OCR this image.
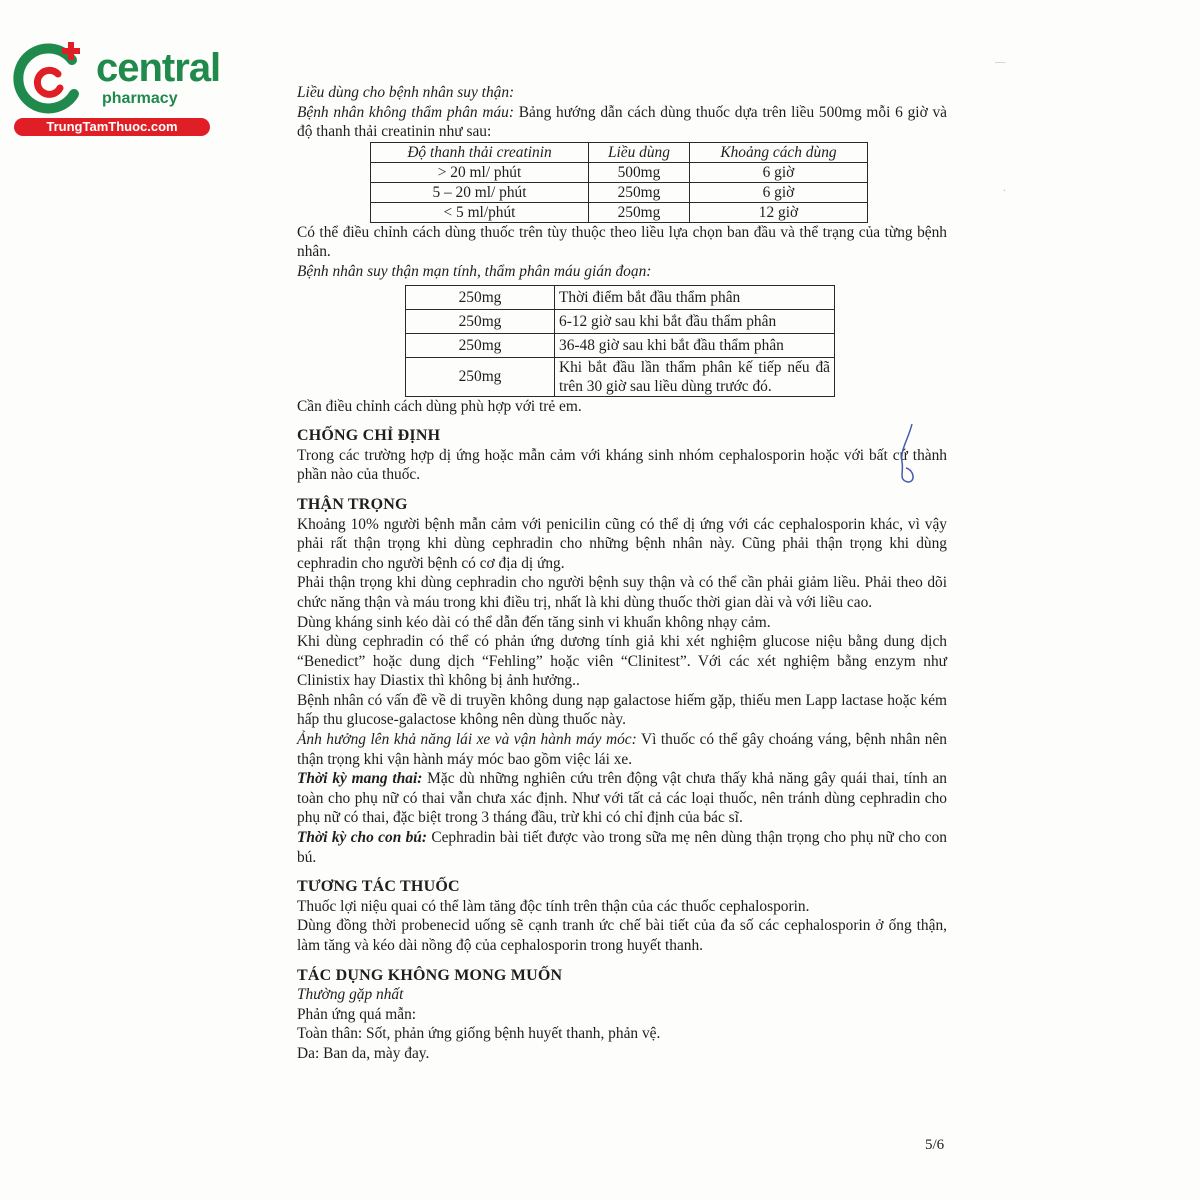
central
pharmacy
TrungTamThuoc.com
|
.

Liều dùng cho bệnh nhân suy thận:

Bệnh nhân không thẩm phân máu: Bảng hướng dẫn cách dùng thuốc dựa trên liều 500mg mỗi 6 giờ và độ thanh thải creatinin như sau:

Độ thanh thải creatinin	Liều dùng	Khoảng cách dùng
> 20 ml/ phút	500mg	6 giờ
5 – 20 ml/ phút	250mg	6 giờ
< 5 ml/phút	250mg	12 giờ

Có thể điều chỉnh cách dùng thuốc trên tùy thuộc theo liều lựa chọn ban đầu và thể trạng của từng bệnh nhân.

Bệnh nhân suy thận mạn tính, thẩm phân máu gián đoạn:

250mg	Thời điểm bắt đầu thẩm phân
250mg	6-12 giờ sau khi bắt đầu thẩm phân
250mg	36-48 giờ sau khi bắt đầu thẩm phân
250mg	Khi bắt đầu lần thẩm phân kế tiếp nếu đã trên 30 giờ sau liều dùng trước đó.

Cần điều chỉnh cách dùng phù hợp với trẻ em.

CHỐNG CHỈ ĐỊNH

Trong các trường hợp dị ứng hoặc mẫn cảm với kháng sinh nhóm cephalosporin hoặc với bất cứ thành phần nào của thuốc.

THẬN TRỌNG

Khoảng 10% người bệnh mẫn cảm với penicilin cũng có thể dị ứng với các cephalosporin khác, vì vậy phải rất thận trọng khi dùng cephradin cho những bệnh nhân này. Cũng phải thận trọng khi dùng cephradin cho người bệnh có cơ địa dị ứng.

Phải thận trọng khi dùng cephradin cho người bệnh suy thận và có thể cần phải giảm liều. Phải theo dõi chức năng thận và máu trong khi điều trị, nhất là khi dùng thuốc thời gian dài và với liều cao.

Dùng kháng sinh kéo dài có thể dẫn đến tăng sinh vi khuẩn không nhạy cảm.

Khi dùng cephradin có thể có phản ứng dương tính giả khi xét nghiệm glucose niệu bằng dung dịch “Benedict” hoặc dung dịch “Fehling” hoặc viên “Clinitest”. Với các xét nghiệm bằng enzym như Clinistix hay Diastix thì không bị ảnh hưởng..

Bệnh nhân có vấn đề về di truyền không dung nạp galactose hiếm gặp, thiếu men Lapp lactase hoặc kém hấp thu glucose-galactose không nên dùng thuốc này.

Ảnh hưởng lên khả năng lái xe và vận hành máy móc: Vì thuốc có thể gây choáng váng, bệnh nhân nên thận trọng khi vận hành máy móc bao gồm việc lái xe.

Thời kỳ mang thai: Mặc dù những nghiên cứu trên động vật chưa thấy khả năng gây quái thai, tính an toàn cho phụ nữ có thai vẫn chưa xác định. Như với tất cả các loại thuốc, nên tránh dùng cephradin cho phụ nữ có thai, đặc biệt trong 3 tháng đầu, trừ khi có chỉ định của bác sĩ.

Thời kỳ cho con bú: Cephradin bài tiết được vào trong sữa mẹ nên dùng thận trọng cho phụ nữ cho con bú.

TƯƠNG TÁC THUỐC

Thuốc lợi niệu quai có thể làm tăng độc tính trên thận của các thuốc cephalosporin.

Dùng đồng thời probenecid uống sẽ cạnh tranh ức chế bài tiết của đa số các cephalosporin ở ống thận, làm tăng và kéo dài nồng độ của cephalosporin trong huyết thanh.

TÁC DỤNG KHÔNG MONG MUỐN

Thường gặp nhất

Phản ứng quá mẫn:

Toàn thân: Sốt, phản ứng giống bệnh huyết thanh, phản vệ.

Da: Ban da, mày đay.

5/6
